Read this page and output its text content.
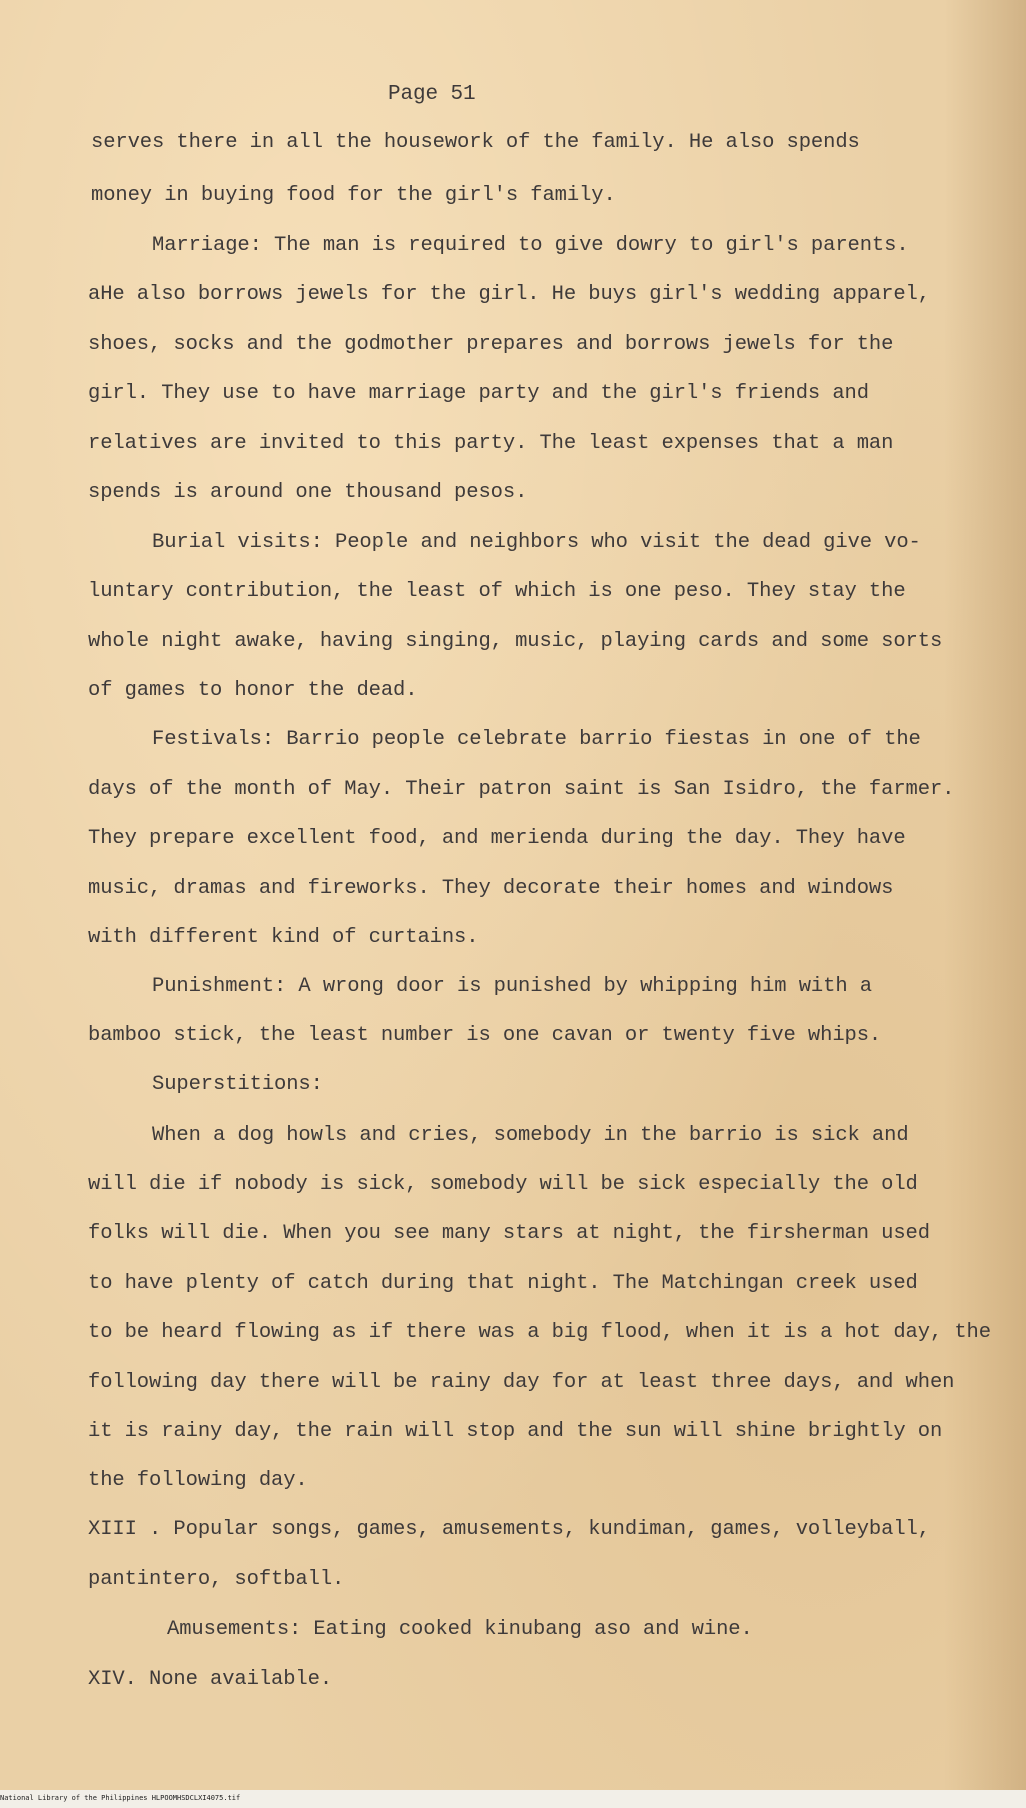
Page 51
serves there in all the housework of the family. He also spends
money in buying food for the girl's family.
Marriage: The man is required to give dowry to girl's parents.
aHe also borrows jewels for the girl. He buys girl's wedding apparel,
shoes, socks and the godmother prepares and borrows jewels for the
girl. They use to have marriage party and the girl's friends and
relatives are invited to this party. The least expenses that a man
spends is around one thousand pesos.
Burial visits: People and neighbors who visit the dead give vo-
luntary contribution, the least of which is one peso. They stay the
whole night awake, having singing, music, playing cards and some sorts
of games to honor the dead.
Festivals: Barrio people celebrate barrio fiestas in one of the
days of the month of May. Their patron saint is San Isidro, the farmer.
They prepare excellent food, and merienda during the day. They have
music, dramas and fireworks. They decorate their homes and windows
with different kind of curtains.
Punishment: A wrong door is punished by whipping him with a
bamboo stick, the least number is one cavan or twenty five whips.
Superstitions:
When a dog howls and cries, somebody in the barrio is sick and
will die if nobody is sick, somebody will be sick especially the old
folks will die. When you see many stars at night, the firsherman used
to have plenty of catch during that night. The Matchingan creek used
to be heard flowing as if there was a big flood, when it is a hot day, the
following day there will be rainy day for at least three days, and when
it is rainy day, the rain will stop and the sun will shine brightly on
the following day.
XIII . Popular songs, games, amusements, kundiman, games, volleyball,
pantintero, softball.
Amusements: Eating cooked kinubang aso and wine.
XIV. None available.
National Library of the Philippines HLPOOMHSDCLXI4075.tif
